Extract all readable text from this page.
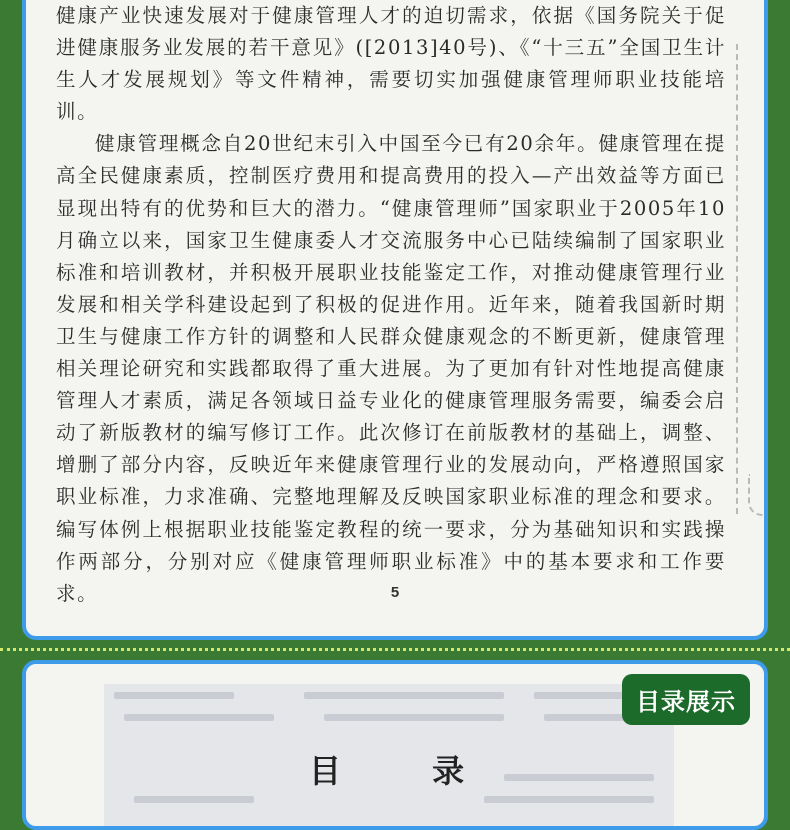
健康产业快速发展对于健康管理人才的迫切需求，依据《国务院关于促进健康服务业发展的若干意见》([2013]40号)、《“十三五”全国卫生计生人才发展规划》等文件精神，需要切实加强健康管理师职业技能培训。

健康管理概念自20世纪末引入中国至今已有20余年。健康管理在提高全民健康素质，控制医疗费用和提高费用的投入—产出效益等方面已显现出特有的优势和巨大的潜力。“健康管理师”国家职业于2005年10月确立以来，国家卫生健康委人才交流服务中心已陆续编制了国家职业标准和培训教材，并积极开展职业技能鉴定工作，对推动健康管理行业发展和相关学科建设起到了积极的促进作用。近年来，随着我国新时期卫生与健康工作方针的调整和人民群众健康观念的不断更新，健康管理相关理论研究和实践都取得了重大进展。为了更加有针对性地提高健康管理人才素质，满足各领域日益专业化的健康管理服务需要，编委会启动了新版教材的编写修订工作。此次修订在前版教材的基础上，调整、增删了部分内容，反映近年来健康管理行业的发展动向，严格遵照国家职业标准，力求准确、完整地理解及反映国家职业标准的理念和要求。编写体例上根据职业技能鉴定教程的统一要求，分为基础知识和实践操作两部分，分别对应《健康管理师职业标准》中的基本要求和工作要求。	5
目 录
目录展示
